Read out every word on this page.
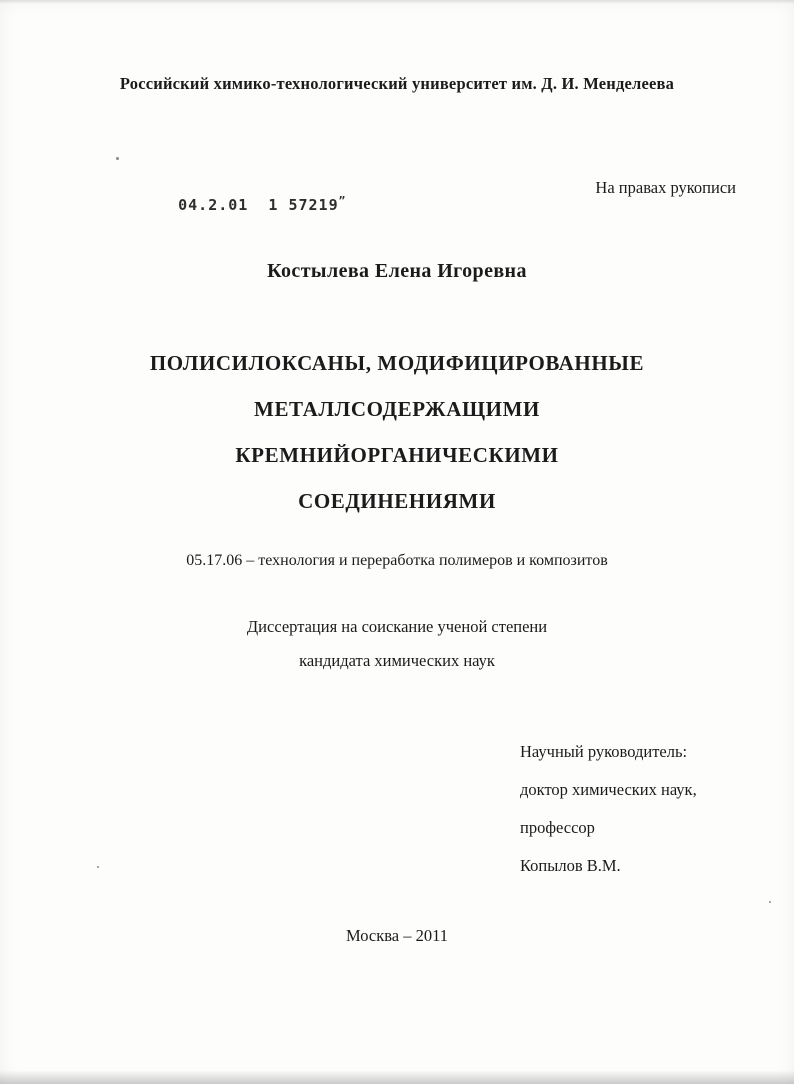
Российский химико-технологический университет им. Д. И. Менделеева

04.2.01  1 57219”

На правах рукописи
Костылева Елена Игоревна
ПОЛИСИЛОКСАНЫ, МОДИФИЦИРОВАННЫЕ
МЕТАЛЛСОДЕРЖАЩИМИ
КРЕМНИЙОРГАНИЧЕСКИМИ
СОЕДИНЕНИЯМИ
05.17.06 – технология и переработка полимеров и композитов
Диссертация на соискание ученой степени
кандидата химических наук
Научный руководитель:
доктор химических наук,
профессор
Копылов В.М.
Москва – 2011
